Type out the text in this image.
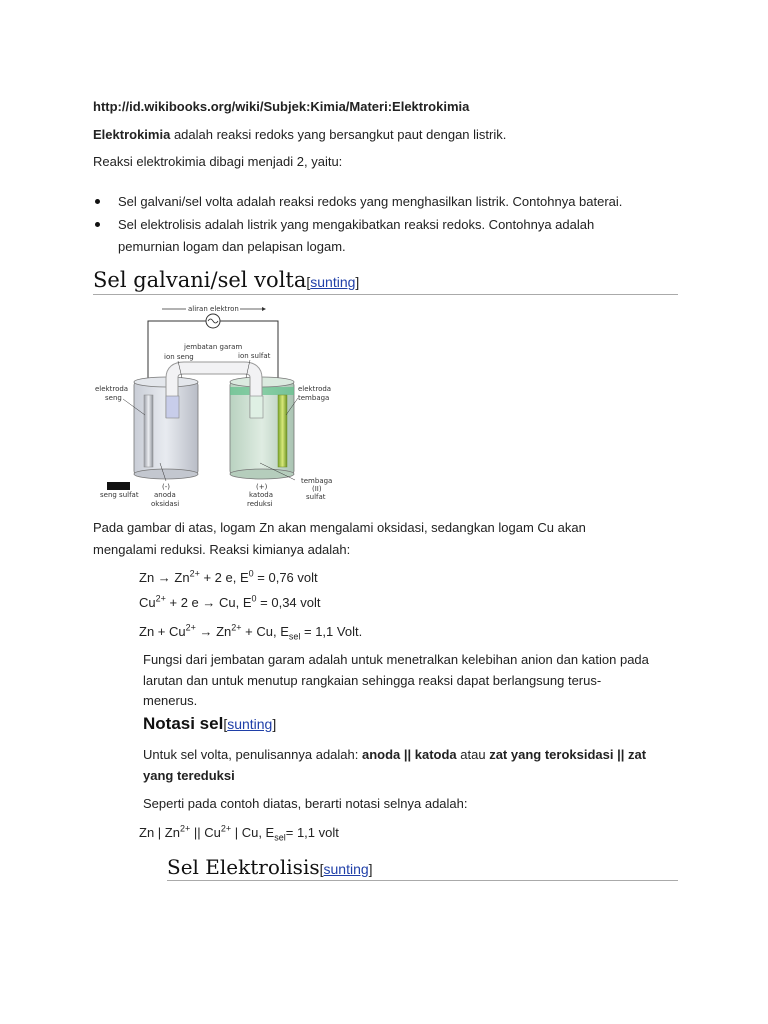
http://id.wikibooks.org/wiki/Subjek:Kimia/Materi:Elektrokimia
Elektrokimia adalah reaksi redoks yang bersangkut paut dengan listrik.
Reaksi elektrokimia dibagi menjadi 2, yaitu:
Sel galvani/sel volta adalah reaksi redoks yang menghasilkan listrik. Contohnya baterai.
Sel elektrolisis adalah listrik yang mengakibatkan reaksi redoks. Contohnya adalah
pemurnian logam dan pelapisan logam.
Sel galvani/sel volta[sunting]
aliran elektron
jembatan garam
ion seng	ion sulfat
elektroda
seng
elektroda
tembaga
seng sulfat
(-)
anoda
oksidasi
(+)
katoda
reduksi
tembaga
(II)
sulfat
Pada gambar di atas, logam Zn akan mengalami oksidasi, sedangkan logam Cu akan
mengalami reduksi. Reaksi kimianya adalah:
$Zn \to Zn^{2+} + 2$ e, $E^0 = 0,76$ volt
$Cu^{2+} + 2$ e → Cu, $E^0 = 0,34$ volt
$Zn + Cu^{2+} \to Zn^{2+} + Cu$, $E_{sel} = 1,1$ Volt.
Fungsi dari jembatan garam adalah untuk menetralkan kelebihan anion dan kation pada
larutan dan untuk menutup rangkaian sehingga reaksi dapat berlangsung terus-
menerus.
Notasi sel[sunting]
Untuk sel volta, penulisannya adalah: anoda || katoda atau zat yang teroksidasi || zat
yang tereduksi
Seperti pada contoh diatas, berarti notasi selnya adalah:
Zn | $Zn^{2+}$ || $Cu^{2+}$ | Cu, $E_{sel}= 1,1$ volt
Sel Elektrolisis[sunting]
